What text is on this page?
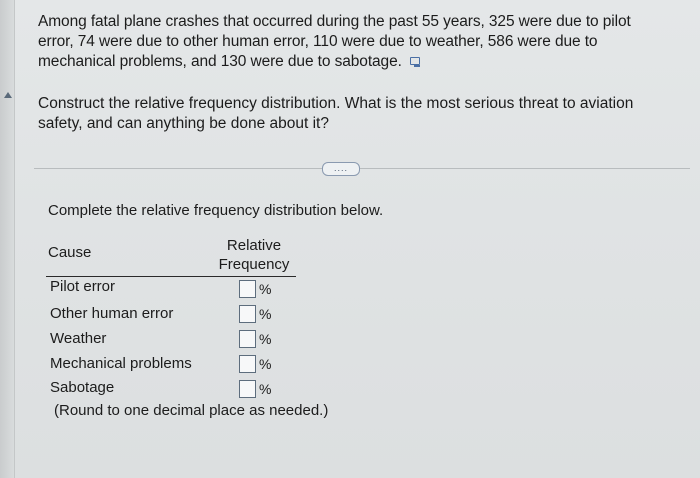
Among fatal plane crashes that occurred during the past 55 years, 325 were due to pilot
error, 74 were due to other human error, 110 were due to weather, 586 were due to
mechanical problems, and 130 were due to sabotage.
Construct the relative frequency distribution. What is the most serious threat to aviation
safety, and can anything be done about it?
....
Complete the relative frequency distribution below.
Cause	Relative
Frequency
Pilot error	%
Other human error	%
Weather	%
Mechanical problems	%
Sabotage	%
(Round to one decimal place as needed.)
